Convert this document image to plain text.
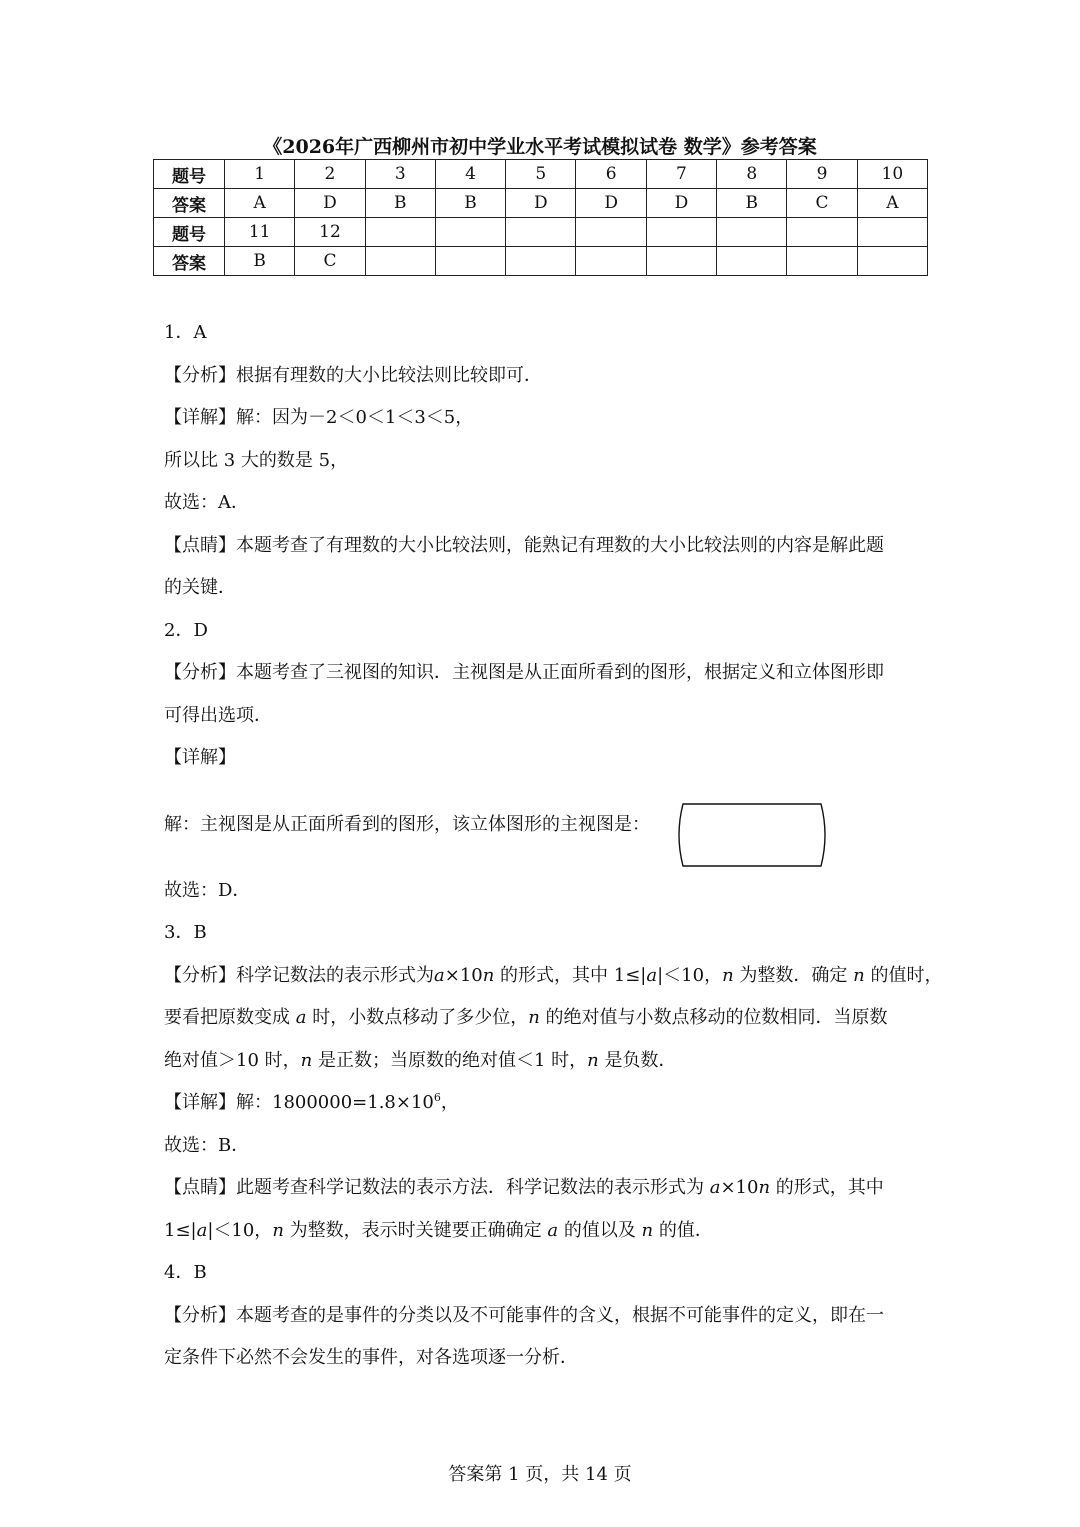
《2026年广西柳州市初中学业水平考试模拟试卷 数学》参考答案
题号	1	2	3	4	5	6	7	8	9	10
答案	A	D	B	B	D	D	D	B	C	A
题号	11	12								
答案	B	C								
1．A
【分析】根据有理数的大小比较法则比较即可．
【详解】解：因为－2＜0＜1＜3＜5，
所以比 3 大的数是 5，
故选：A．
【点睛】本题考查了有理数的大小比较法则，能熟记有理数的大小比较法则的内容是解此题
的关键．
2．D
【分析】本题考查了三视图的知识．主视图是从正面所看到的图形，根据定义和立体图形即
可得出选项．
【详解】
解：主视图是从正面所看到的图形，该立体图形的主视图是：
故选：D．
3．B
【分析】科学记数法的表示形式为a×10n 的形式，其中 1≤|a|＜10，n 为整数．确定 n 的值时，
要看把原数变成 a 时，小数点移动了多少位，n 的绝对值与小数点移动的位数相同．当原数
绝对值＞10 时，n 是正数；当原数的绝对值＜1 时，n 是负数．
【详解】解：$1800000=1.8\times 10^6$，
故选：B．
【点睛】此题考查科学记数法的表示方法．科学记数法的表示形式为 a×10n 的形式，其中
1≤|a|＜10，n 为整数，表示时关键要正确确定 a 的值以及 n 的值．
4．B
【分析】本题考查的是事件的分类以及不可能事件的含义，根据不可能事件的定义，即在一
定条件下必然不会发生的事件，对各选项逐一分析．
答案第 1 页，共 14 页
